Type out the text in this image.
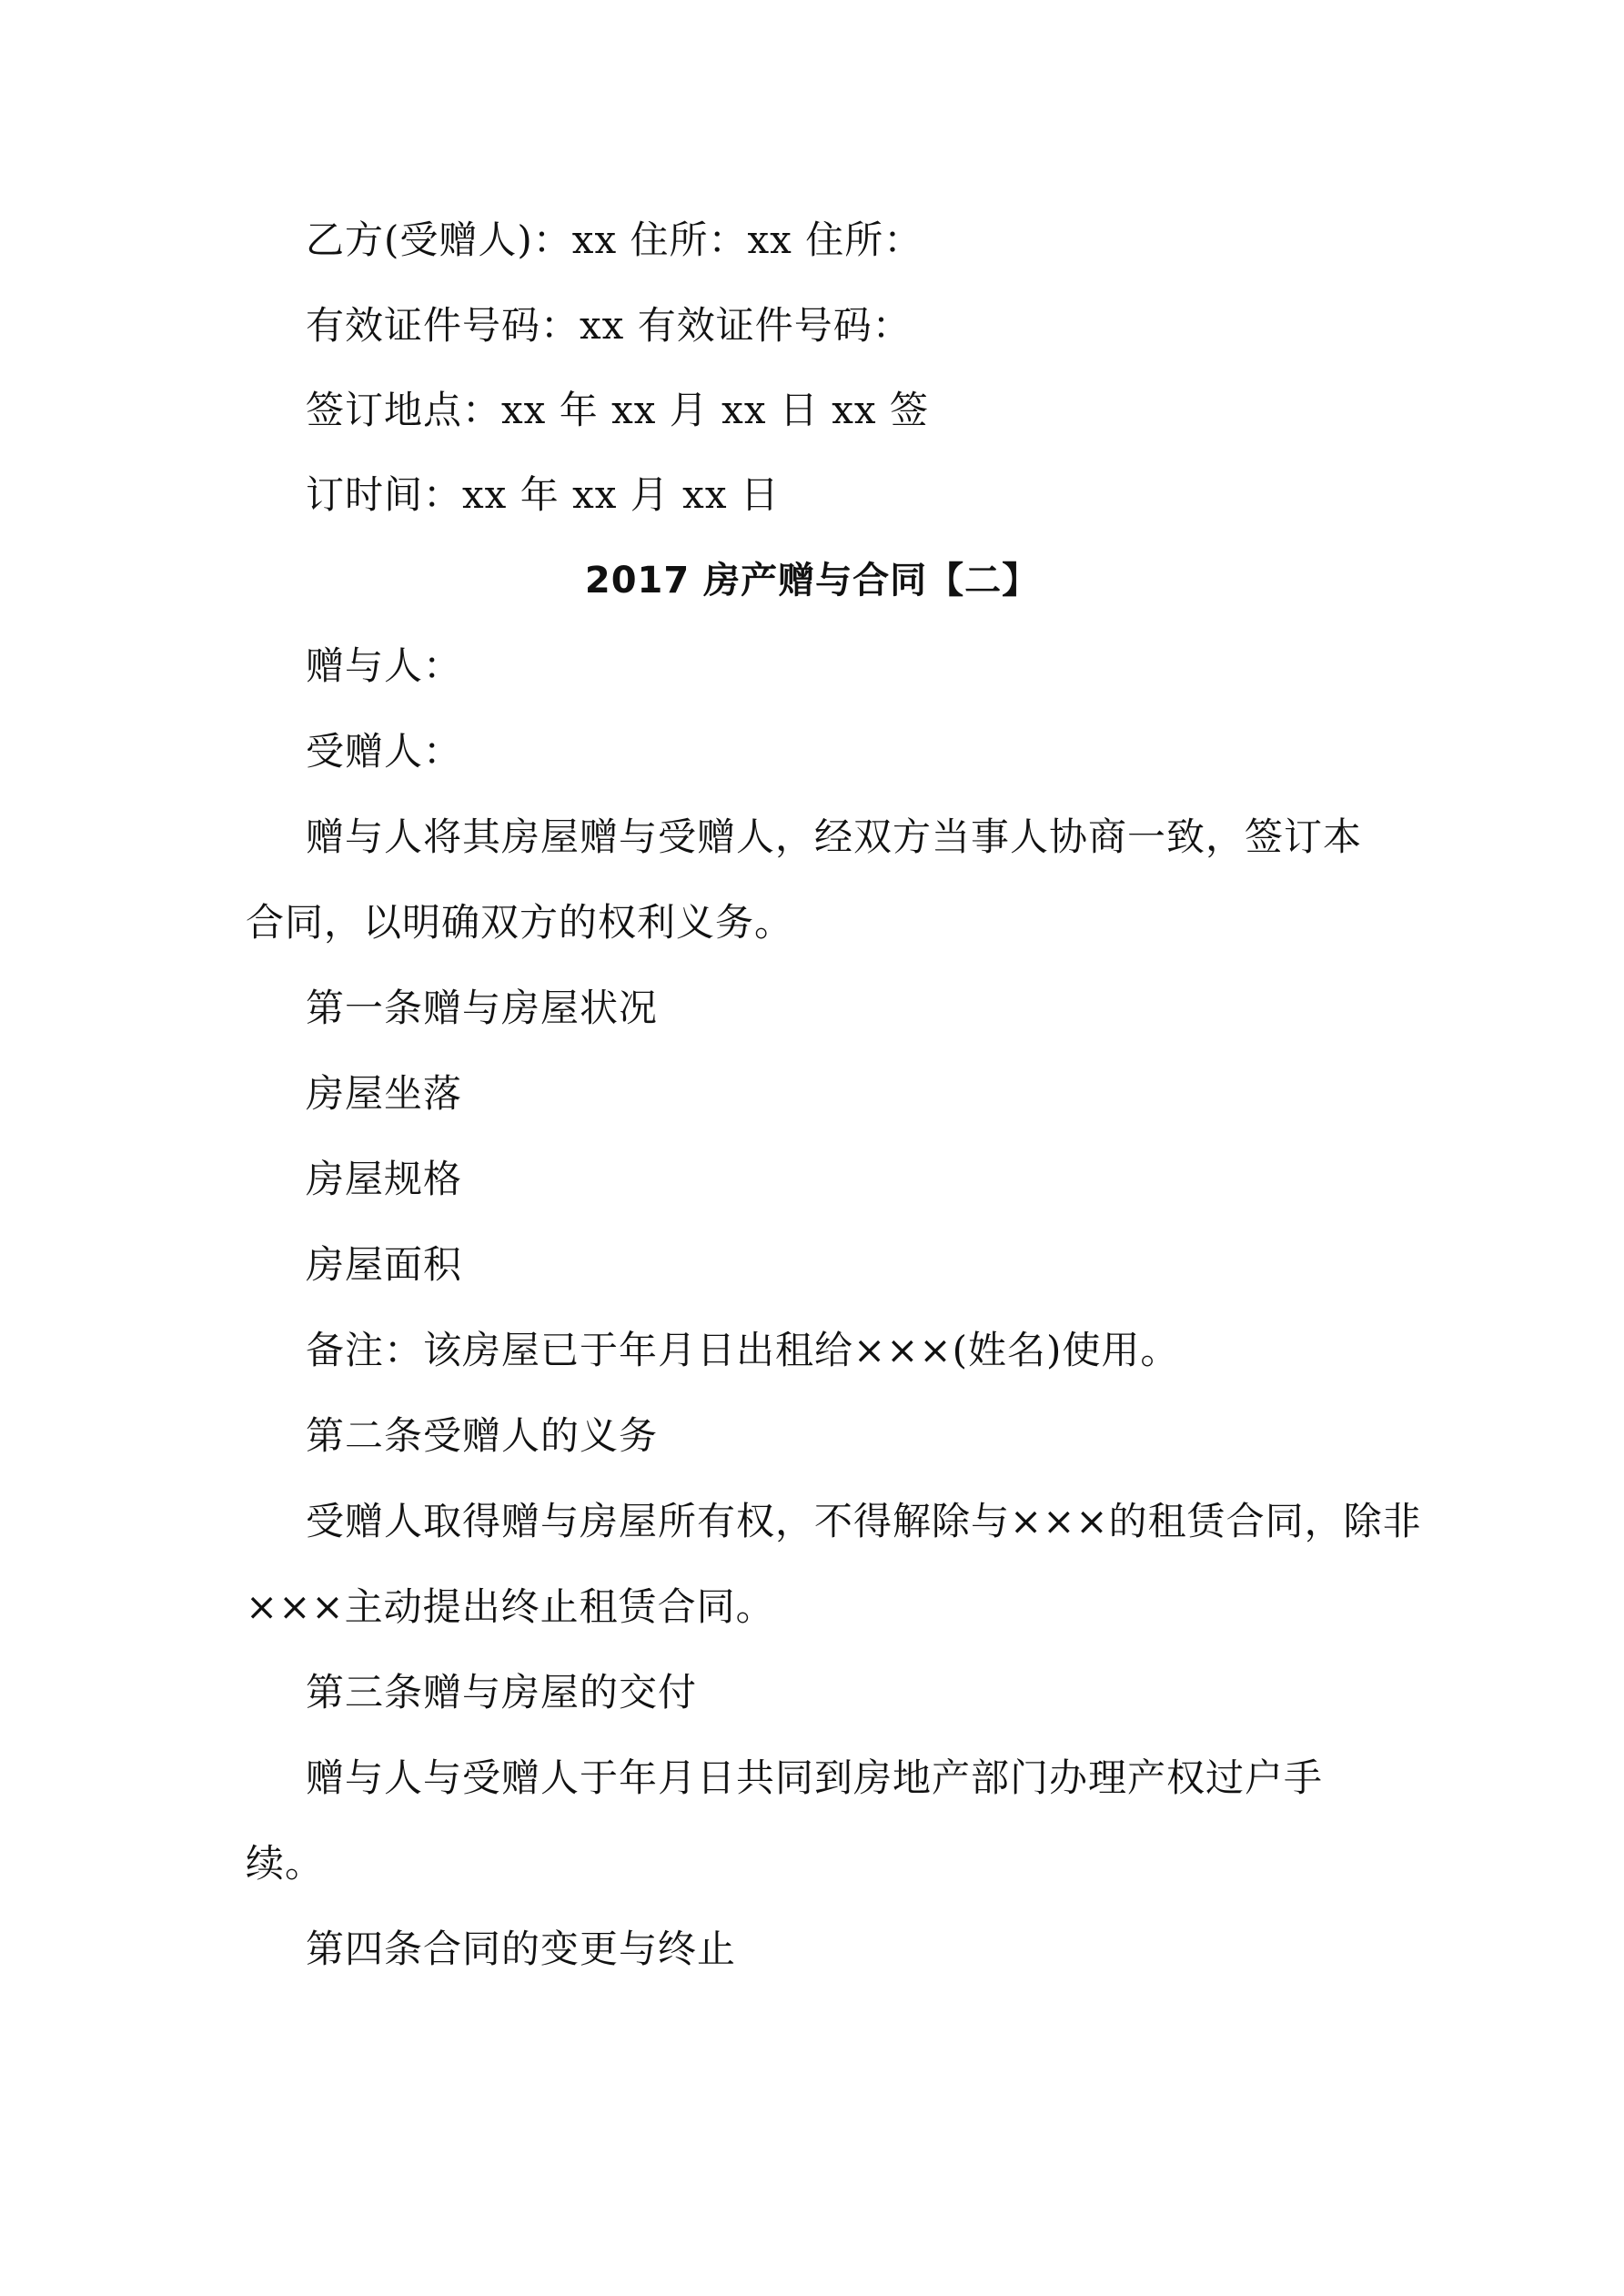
乙方(受赠人)：xx 住所：xx 住所：
有效证件号码：xx 有效证件号码：
签订地点：xx 年 xx 月 xx 日 xx 签
订时间：xx 年 xx 月 xx 日
2017 房产赠与合同【二】
赠与人：
受赠人：
赠与人将其房屋赠与受赠人，经双方当事人协商一致，签订本
合同，以明确双方的权利义务。
第一条赠与房屋状况
房屋坐落
房屋规格
房屋面积
备注：该房屋已于年月日出租给×××(姓名)使用。
第二条受赠人的义务
受赠人取得赠与房屋所有权，不得解除与×××的租赁合同，除非
×××主动提出终止租赁合同。
第三条赠与房屋的交付
赠与人与受赠人于年月日共同到房地产部门办理产权过户手
续。
第四条合同的变更与终止
